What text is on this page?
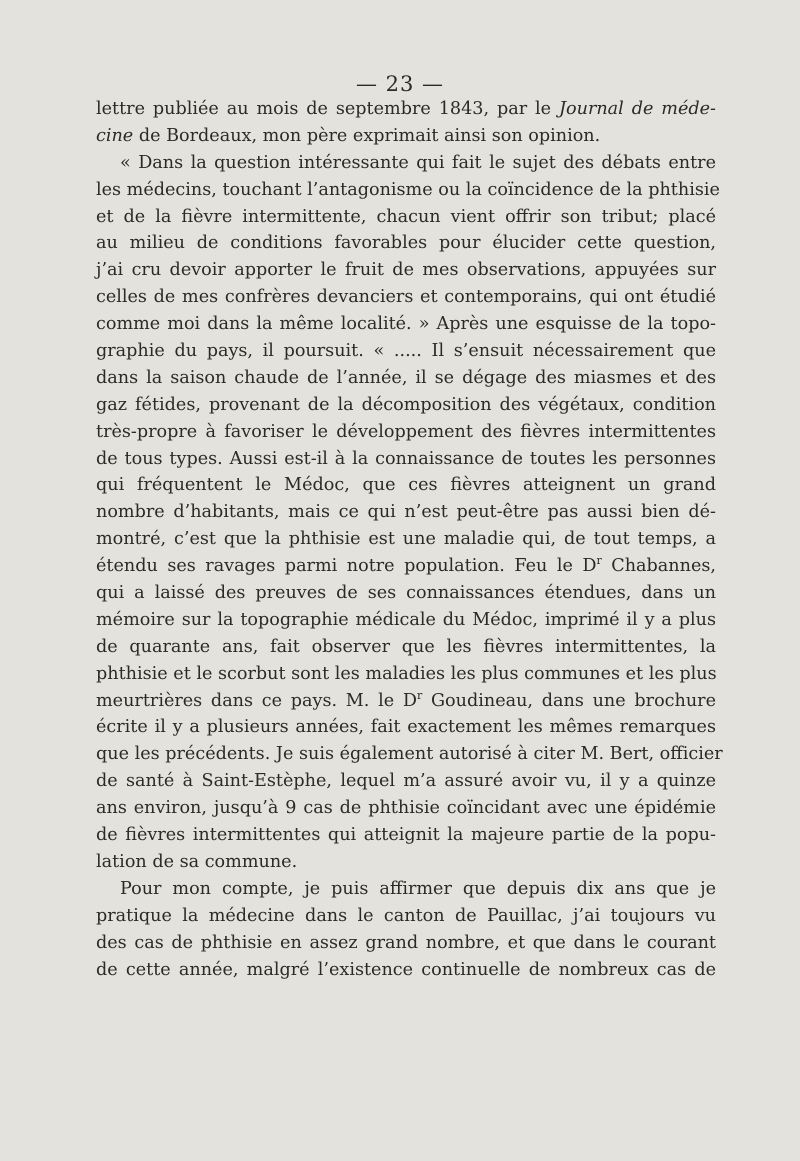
— 23 —
lettre publiée au mois de septembre 1843, par le Journal de méde-
cine de Bordeaux, mon père exprimait ainsi son opinion.
« Dans la question intéressante qui fait le sujet des débats entre
les médecins, touchant l’antagonisme ou la coïncidence de la phthisie
et de la fièvre intermittente, chacun vient offrir son tribut; placé
au milieu de conditions favorables pour élucider cette question,
j’ai cru devoir apporter le fruit de mes observations, appuyées sur
celles de mes confrères devanciers et contemporains, qui ont étudié
comme moi dans la même localité. » Après une esquisse de la topo-
graphie du pays, il poursuit. « ..... Il s’ensuit nécessairement que
dans la saison chaude de l’année, il se dégage des miasmes et des
gaz fétides, provenant de la décomposition des végétaux, condition
très-propre à favoriser le développement des fièvres intermittentes
de tous types. Aussi est-il à la connaissance de toutes les personnes
qui fréquentent le Médoc, que ces fièvres atteignent un grand
nombre d’habitants, mais ce qui n’est peut-être pas aussi bien dé-
montré, c’est que la phthisie est une maladie qui, de tout temps, a
étendu ses ravages parmi notre population. Feu le $D^r$ Chabannes,
qui a laissé des preuves de ses connaissances étendues, dans un
mémoire sur la topographie médicale du Médoc, imprimé il y a plus
de quarante ans, fait observer que les fièvres intermittentes, la
phthisie et le scorbut sont les maladies les plus communes et les plus
meurtrières dans ce pays. M. le $D^r$ Goudineau, dans une brochure
écrite il y a plusieurs années, fait exactement les mêmes remarques
que les précédents. Je suis également autorisé à citer M. Bert, officier
de santé à Saint-Estèphe, lequel m’a assuré avoir vu, il y a quinze
ans environ, jusqu’à 9 cas de phthisie coïncidant avec une épidémie
de fièvres intermittentes qui atteignit la majeure partie de la popu-
lation de sa commune.
Pour mon compte, je puis affirmer que depuis dix ans que je
pratique la médecine dans le canton de Pauillac, j’ai toujours vu
des cas de phthisie en assez grand nombre, et que dans le courant
de cette année, malgré l’existence continuelle de nombreux cas de
